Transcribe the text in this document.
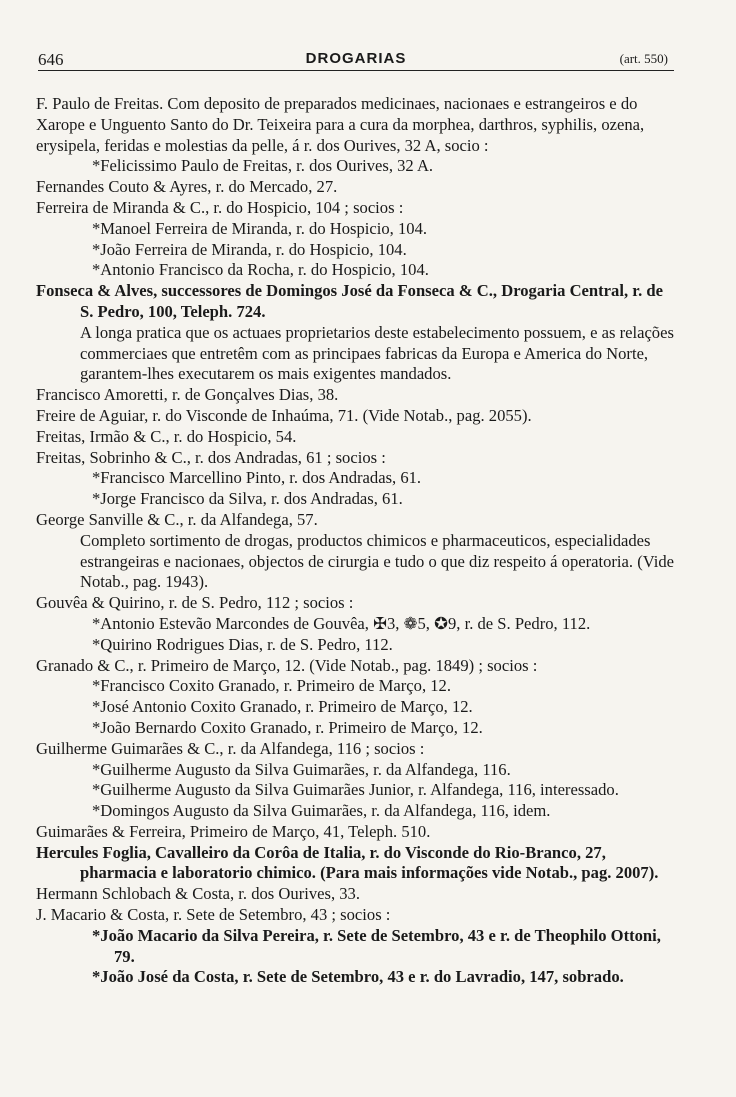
646	DROGARIAS	(art. 550)
F. Paulo de Freitas. Com deposito de preparados medicinaes, nacionaes e estrangeiros e do Xarope e Unguento Santo do Dr. Teixeira para a cura da morphea, darthros, syphilis, ozena, erysipela, feridas e molestias da pelle, á r. dos Ourives, 32 A, socio :
*Felicissimo Paulo de Freitas, r. dos Ourives, 32 A.
Fernandes Couto & Ayres, r. do Mercado, 27.
Ferreira de Miranda & C., r. do Hospicio, 104 ; socios :
*Manoel Ferreira de Miranda, r. do Hospicio, 104.
*João Ferreira de Miranda, r. do Hospicio, 104.
*Antonio Francisco da Rocha, r. do Hospicio, 104.
Fonseca & Alves, successores de Domingos José da Fonseca & C., Drogaria Central, r. de S. Pedro, 100, Teleph. 724.
A longa pratica que os actuaes proprietarios deste estabelecimento possuem, e as relações commerciaes que entretêm com as principaes fabricas da Europa e America do Norte, garantem-lhes executarem os mais exigentes mandados.
Francisco Amoretti, r. de Gonçalves Dias, 38.
Freire de Aguiar, r. do Visconde de Inhaúma, 71. (Vide Notab., pag. 2055).
Freitas, Irmão & C., r. do Hospicio, 54.
Freitas, Sobrinho & C., r. dos Andradas, 61 ; socios :
*Francisco Marcellino Pinto, r. dos Andradas, 61.
*Jorge Francisco da Silva, r. dos Andradas, 61.
George Sanville & C., r. da Alfandega, 57.
Completo sortimento de drogas, productos chimicos e pharmaceuticos, especialidades estrangeiras e nacionaes, objectos de cirurgia e tudo o que diz respeito á operatoria. (Vide Notab., pag. 1943).
Gouvêa & Quirino, r. de S. Pedro, 112 ; socios :
*Antonio Estevão Marcondes de Gouvêa, ✠3, ❁5, ✪9, r. de S. Pedro, 112.
*Quirino Rodrigues Dias, r. de S. Pedro, 112.
Granado & C., r. Primeiro de Março, 12. (Vide Notab., pag. 1849) ; socios :
*Francisco Coxito Granado, r. Primeiro de Março, 12.
*José Antonio Coxito Granado, r. Primeiro de Março, 12.
*João Bernardo Coxito Granado, r. Primeiro de Março, 12.
Guilherme Guimarães & C., r. da Alfandega, 116 ; socios :
*Guilherme Augusto da Silva Guimarães, r. da Alfandega, 116.
*Guilherme Augusto da Silva Guimarães Junior, r. Alfandega, 116, interessado.
*Domingos Augusto da Silva Guimarães, r. da Alfandega, 116, idem.
Guimarães & Ferreira, Primeiro de Março, 41, Teleph. 510.
Hercules Foglia, Cavalleiro da Corôa de Italia, r. do Visconde do Rio-Branco, 27, pharmacia e laboratorio chimico. (Para mais informações vide Notab., pag. 2007).
Hermann Schlobach & Costa, r. dos Ourives, 33.
J. Macario & Costa, r. Sete de Setembro, 43 ; socios :
*João Macario da Silva Pereira, r. Sete de Setembro, 43 e r. de Theophilo Ottoni, 79.
*João José da Costa, r. Sete de Setembro, 43 e r. do Lavradio, 147, sobrado.
